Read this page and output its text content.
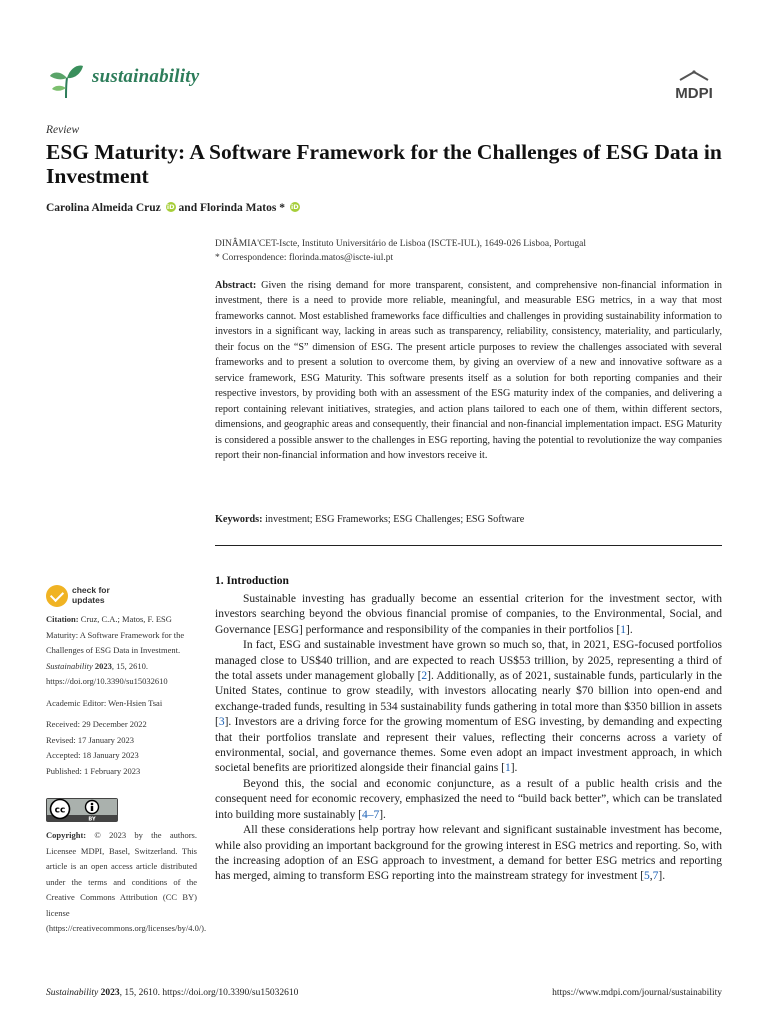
sustainability
MDPI
Review
ESG Maturity: A Software Framework for the Challenges of ESG Data in Investment
Carolina Almeida Cruz iD and Florinda Matos * iD
DINÂMIA'CET-Iscte, Instituto Universitário de Lisboa (ISCTE-IUL), 1649-026 Lisboa, Portugal
* Correspondence: florinda.matos@iscte-iul.pt
Abstract: Given the rising demand for more transparent, consistent, and comprehensive non-financial information in investment, there is a need to provide more reliable, meaningful, and measurable ESG metrics, in a way that most frameworks cannot. Most established frameworks face difficulties and challenges in providing sustainability information to investors in a significant way, lacking in areas such as transparency, reliability, consistency, materiality, and particularly, their focus on the “S” dimension of ESG. The present article purposes to review the challenges associated with several frameworks and to present a solution to overcome them, by giving an overview of a new and innovative software as a service framework, ESG Maturity. This software presents itself as a solution for both reporting companies and their respective investors, by providing both with an assessment of the ESG maturity index of the companies, and delivering a report containing relevant initiatives, strategies, and action plans tailored to each one of them, within different sectors, dimensions, and geographic areas and consequently, their financial and non-financial implementation impact. ESG Maturity is considered a possible answer to the challenges in ESG reporting, having the potential to revolutionize the way companies report their non-financial information and how investors receive it.
Keywords: investment; ESG Frameworks; ESG Challenges; ESG Software
check for
updates

Citation: Cruz, C.A.; Matos, F. ESG Maturity: A Software Framework for the Challenges of ESG Data in Investment. Sustainability 2023, 15, 2610. https://doi.org/10.3390/su15032610

Academic Editor: Wen-Hsien Tsai

Received: 29 December 2022

Revised: 17 January 2023

Accepted: 18 January 2023

Published: 1 February 2023

cc
BY
Copyright: © 2023 by the authors. Licensee MDPI, Basel, Switzerland. This article is an open access article distributed under the terms and conditions of the Creative Commons Attribution (CC BY) license (https://creativecommons.org/licenses/by/4.0/).
1. Introduction

Sustainable investing has gradually become an essential criterion for the investment sector, with investors searching beyond the obvious financial promise of companies, to the Environmental, Social, and Governance [ESG] performance and responsibility of the companies in their portfolios [1].

In fact, ESG and sustainable investment have grown so much so, that, in 2021, ESG-focused portfolios managed close to US$40 trillion, and are expected to reach US$53 trillion, by 2025, representing a third of the total assets under management globally [2]. Additionally, as of 2021, sustainable funds, particularly in the United States, continue to grow steadily, with investors allocating nearly $70 billion into open-end and exchange-traded funds, resulting in 534 sustainability funds gathering in total more than $350 billion in assets [3]. Investors are a driving force for the growing momentum of ESG investing, by demanding and expecting that their portfolios translate and represent their values, reflecting their concerns across a variety of environmental, social, and governance themes. Some even adopt an impact investment approach, in which societal benefits are prioritized alongside their financial gains [1].

Beyond this, the social and economic conjuncture, as a result of a public health crisis and the consequent need for economic recovery, emphasized the need to “build back better”, which can be translated into building more sustainably [4–7].

All these considerations help portray how relevant and significant sustainable investment has become, while also providing an important background for the growing interest in ESG metrics and reporting. So, with the increasing adoption of an ESG approach to investment, a demand for better ESG metrics and reporting has merged, aiming to transform ESG reporting into the mainstream strategy for investment [5,7].

Sustainability 2023, 15, 2610. https://doi.org/10.3390/su15032610	https://www.mdpi.com/journal/sustainability
